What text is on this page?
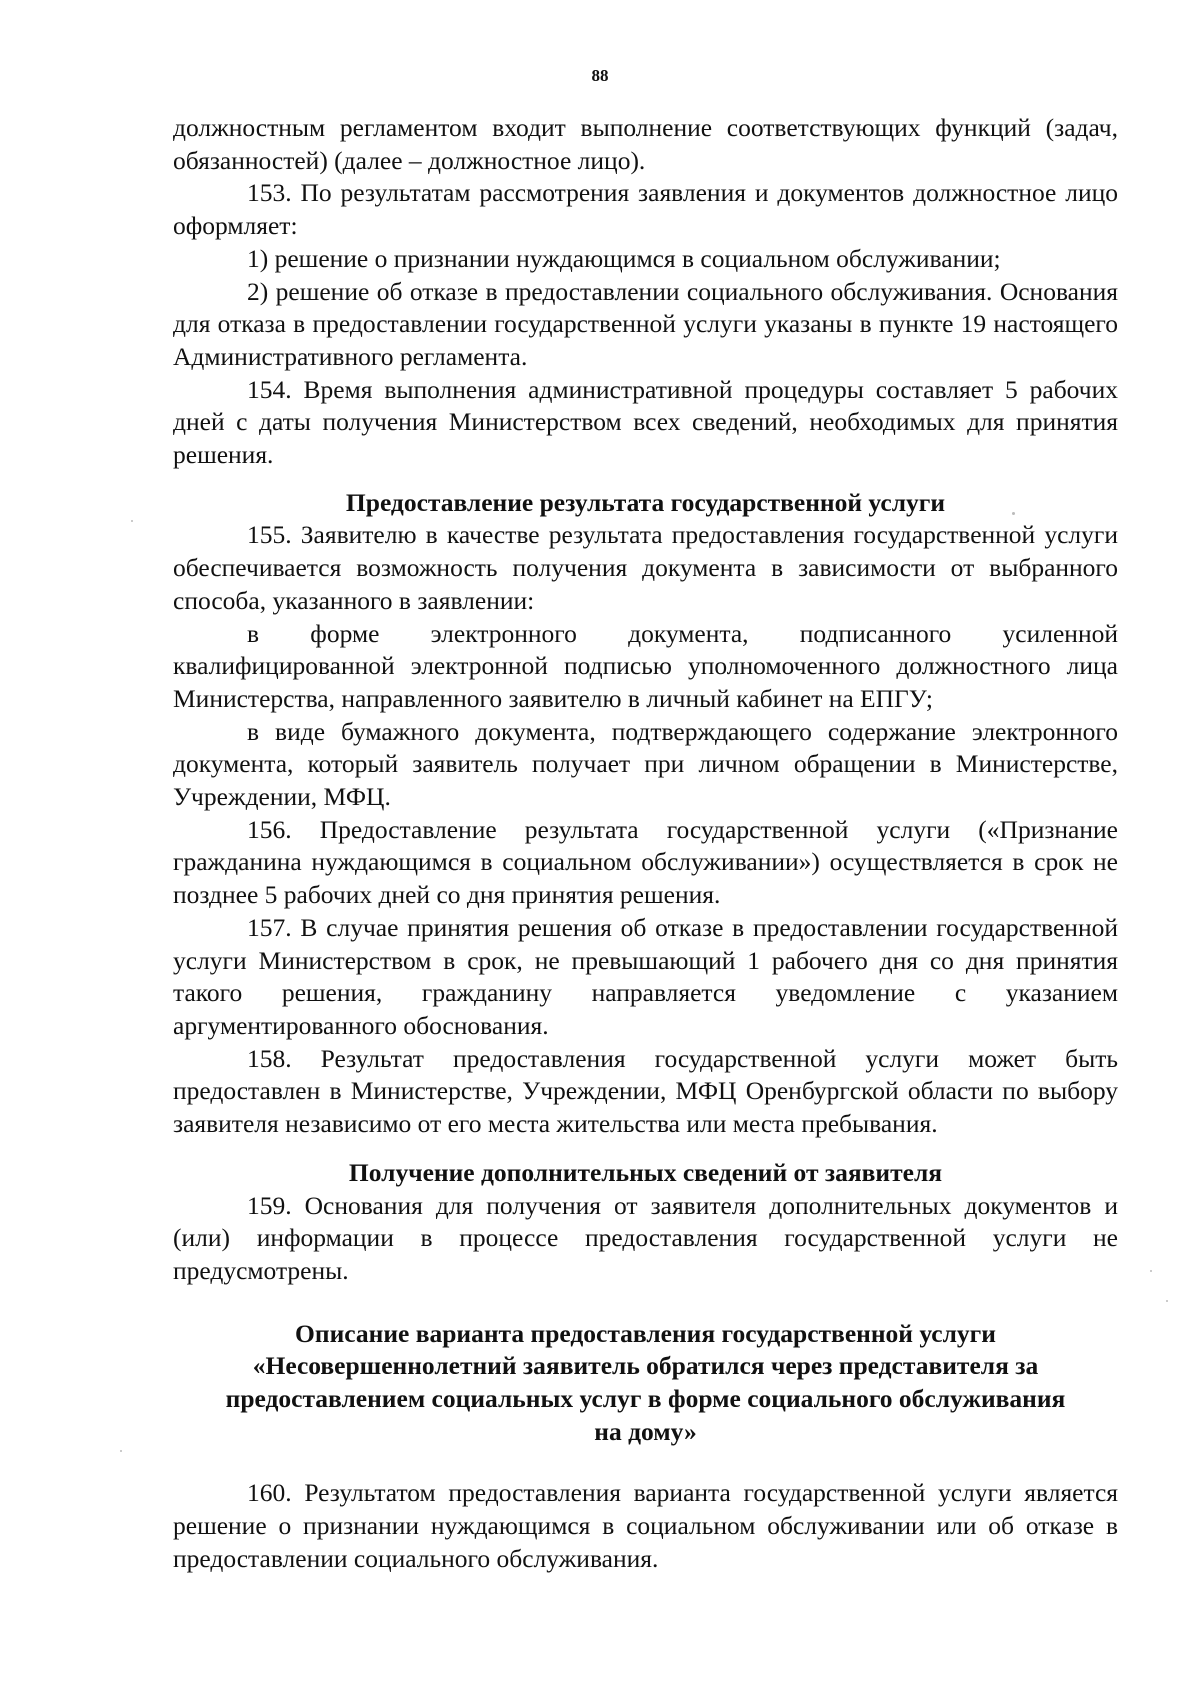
88

должностным регламентом входит выполнение соответствующих функций (задач, обязанностей) (далее – должностное лицо).

153. По результатам рассмотрения заявления и документов должностное лицо оформляет:

1) решение о признании нуждающимся в социальном обслуживании;

2) решение об отказе в предоставлении социального обслуживания. Основания для отказа в предоставлении государственной услуги указаны в пункте 19 настоящего Административного регламента.

154. Время выполнения административной процедуры составляет 5 рабочих дней с даты получения Министерством всех сведений, необходимых для принятия решения.

Предоставление результата государственной услуги

155. Заявителю в качестве результата предоставления государственной услуги обеспечивается возможность получения документа в зависимости от выбранного способа, указанного в заявлении:

в форме электронного документа, подписанного усиленной квалифицированной электронной подписью уполномоченного должностного лица Министерства, направленного заявителю в личный кабинет на ЕПГУ;

в виде бумажного документа, подтверждающего содержание электронного документа, который заявитель получает при личном обращении в Министерстве, Учреждении, МФЦ.

156. Предоставление результата государственной услуги («Признание гражданина нуждающимся в социальном обслуживании») осуществляется в срок не позднее 5 рабочих дней со дня принятия решения.

157. В случае принятия решения об отказе в предоставлении государственной услуги Министерством в срок, не превышающий 1 рабочего дня со дня принятия такого решения, гражданину направляется уведомление с указанием аргументированного обоснования.

158. Результат предоставления государственной услуги может быть предоставлен в Министерстве, Учреждении, МФЦ Оренбургской области по выбору заявителя независимо от его места жительства или места пребывания.

Получение дополнительных сведений от заявителя

159. Основания для получения от заявителя дополнительных документов и (или) информации в процессе предоставления государственной услуги не предусмотрены.

Описание варианта предоставления государственной услуги

«Несовершеннолетний заявитель обратился через представителя за

предоставлением социальных услуг в форме социального обслуживания

на дому»

160. Результатом предоставления варианта государственной услуги является решение о признании нуждающимся в социальном обслуживании или об отказе в предоставлении социального обслуживания.
